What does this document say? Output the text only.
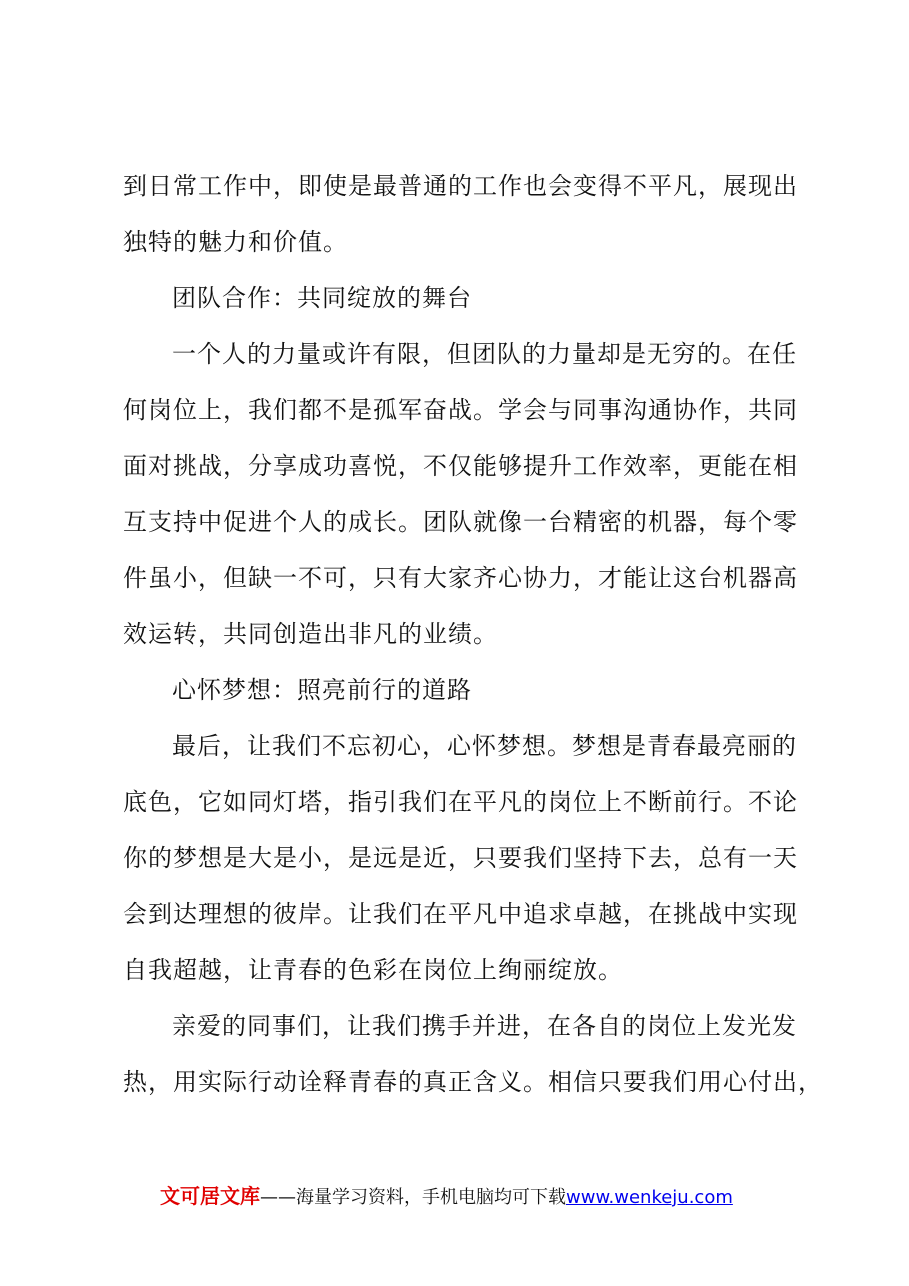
到日常工作中，即使是最普通的工作也会变得不平凡，展现出
独特的魅力和价值。
团队合作：共同绽放的舞台
一个人的力量或许有限，但团队的力量却是无穷的。在任
何岗位上，我们都不是孤军奋战。学会与同事沟通协作，共同
面对挑战，分享成功喜悦，不仅能够提升工作效率，更能在相
互支持中促进个人的成长。团队就像一台精密的机器，每个零
件虽小，但缺一不可，只有大家齐心协力，才能让这台机器高
效运转，共同创造出非凡的业绩。
心怀梦想：照亮前行的道路
最后，让我们不忘初心，心怀梦想。梦想是青春最亮丽的
底色，它如同灯塔，指引我们在平凡的岗位上不断前行。不论
你的梦想是大是小，是远是近，只要我们坚持下去，总有一天
会到达理想的彼岸。让我们在平凡中追求卓越，在挑战中实现
自我超越，让青春的色彩在岗位上绚丽绽放。
亲爱的同事们，让我们携手并进，在各自的岗位上发光发
热，用实际行动诠释青春的真正含义。相信只要我们用心付出，
文可居文库——海量学习资料，手机电脑均可下载www.wenkeju.com
